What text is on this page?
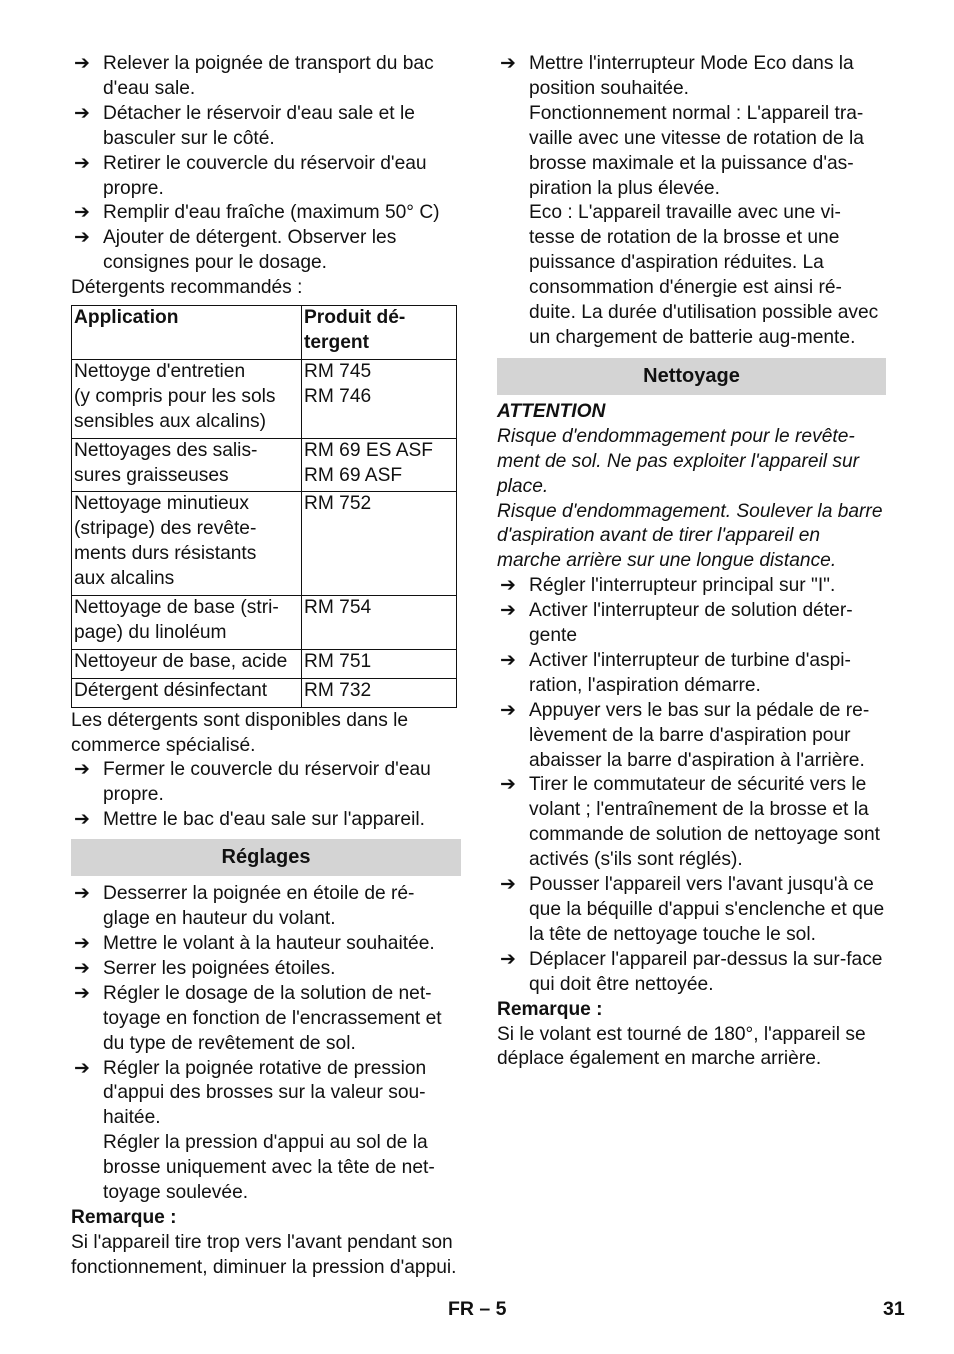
➔ Relever la poignée de transport du bac d'eau sale.
➔ Détacher le réservoir d'eau sale et le basculer sur le côté.
➔ Retirer le couvercle du réservoir d'eau propre.
➔ Remplir d'eau fraîche (maximum 50° C)
➔ Ajouter de détergent. Observer les consignes pour le dosage.
Détergents recommandés :
Application	Produit dé-
tergent
Nettoyge d'entretien
(y compris pour les sols
sensibles aux alcalins)	RM 745
RM 746
Nettoyages des salis-
sures graisseuses	RM 69 ES ASF
RM 69 ASF
Nettoyage minutieux
(stripage) des revête-
ments durs résistants
aux alcalins	RM 752
Nettoyage de base (stri-
page) du linoléum	RM 754
Nettoyeur de base, acide	RM 751
Détergent désinfectant	RM 732
Les détergents sont disponibles dans le commerce spécialisé.
➔ Fermer le couvercle du réservoir d'eau propre.
➔ Mettre le bac d'eau sale sur l'appareil.
Réglages
➔ Desserrer la poignée en étoile de ré-glage en hauteur du volant.
➔ Mettre le volant à la hauteur souhaitée.
➔ Serrer les poignées étoiles.
➔ Régler le dosage de la solution de net-toyage en fonction de l'encrassement et du type de revêtement de sol.
➔ Régler la poignée rotative de pression d'appui des brosses sur la valeur sou-haitée.
Régler la pression d'appui au sol de la brosse uniquement avec la tête de net-toyage soulevée.
Remarque :
Si l'appareil tire trop vers l'avant pendant son fonctionnement, diminuer la pression d'appui.
➔ Mettre l'interrupteur Mode Eco dans la position souhaitée.
Fonctionnement normal : L'appareil tra-vaille avec une vitesse de rotation de la brosse maximale et la puissance d'as-piration la plus élevée.
Eco : L'appareil travaille avec une vi-tesse de rotation de la brosse et une puissance d'aspiration réduites. La consommation d'énergie est ainsi ré-duite. La durée d'utilisation possible avec un chargement de batterie aug-mente.
Nettoyage
ATTENTION
Risque d'endommagement pour le revête-ment de sol. Ne pas exploiter l'appareil sur place.
Risque d'endommagement. Soulever la barre d'aspiration avant de tirer l'appareil en marche arrière sur une longue distance.
➔ Régler l'interrupteur principal sur "I".
➔ Activer l'interrupteur de solution déter-gente
➔ Activer l'interrupteur de turbine d'aspi-ration, l'aspiration démarre.
➔ Appuyer vers le bas sur la pédale de re-lèvement de la barre d'aspiration pour abaisser la barre d'aspiration à l'arrière.
➔ Tirer le commutateur de sécurité vers le volant ; l'entraînement de la brosse et la commande de solution de nettoyage sont activés (s'ils sont réglés).
➔ Pousser l'appareil vers l'avant jusqu'à ce que la béquille d'appui s'enclenche et que la tête de nettoyage touche le sol.
➔ Déplacer l'appareil par-dessus la sur-face qui doit être nettoyée.
Remarque :
Si le volant est tourné de 180°, l'appareil se déplace également en marche arrière.
FR – 5	31
